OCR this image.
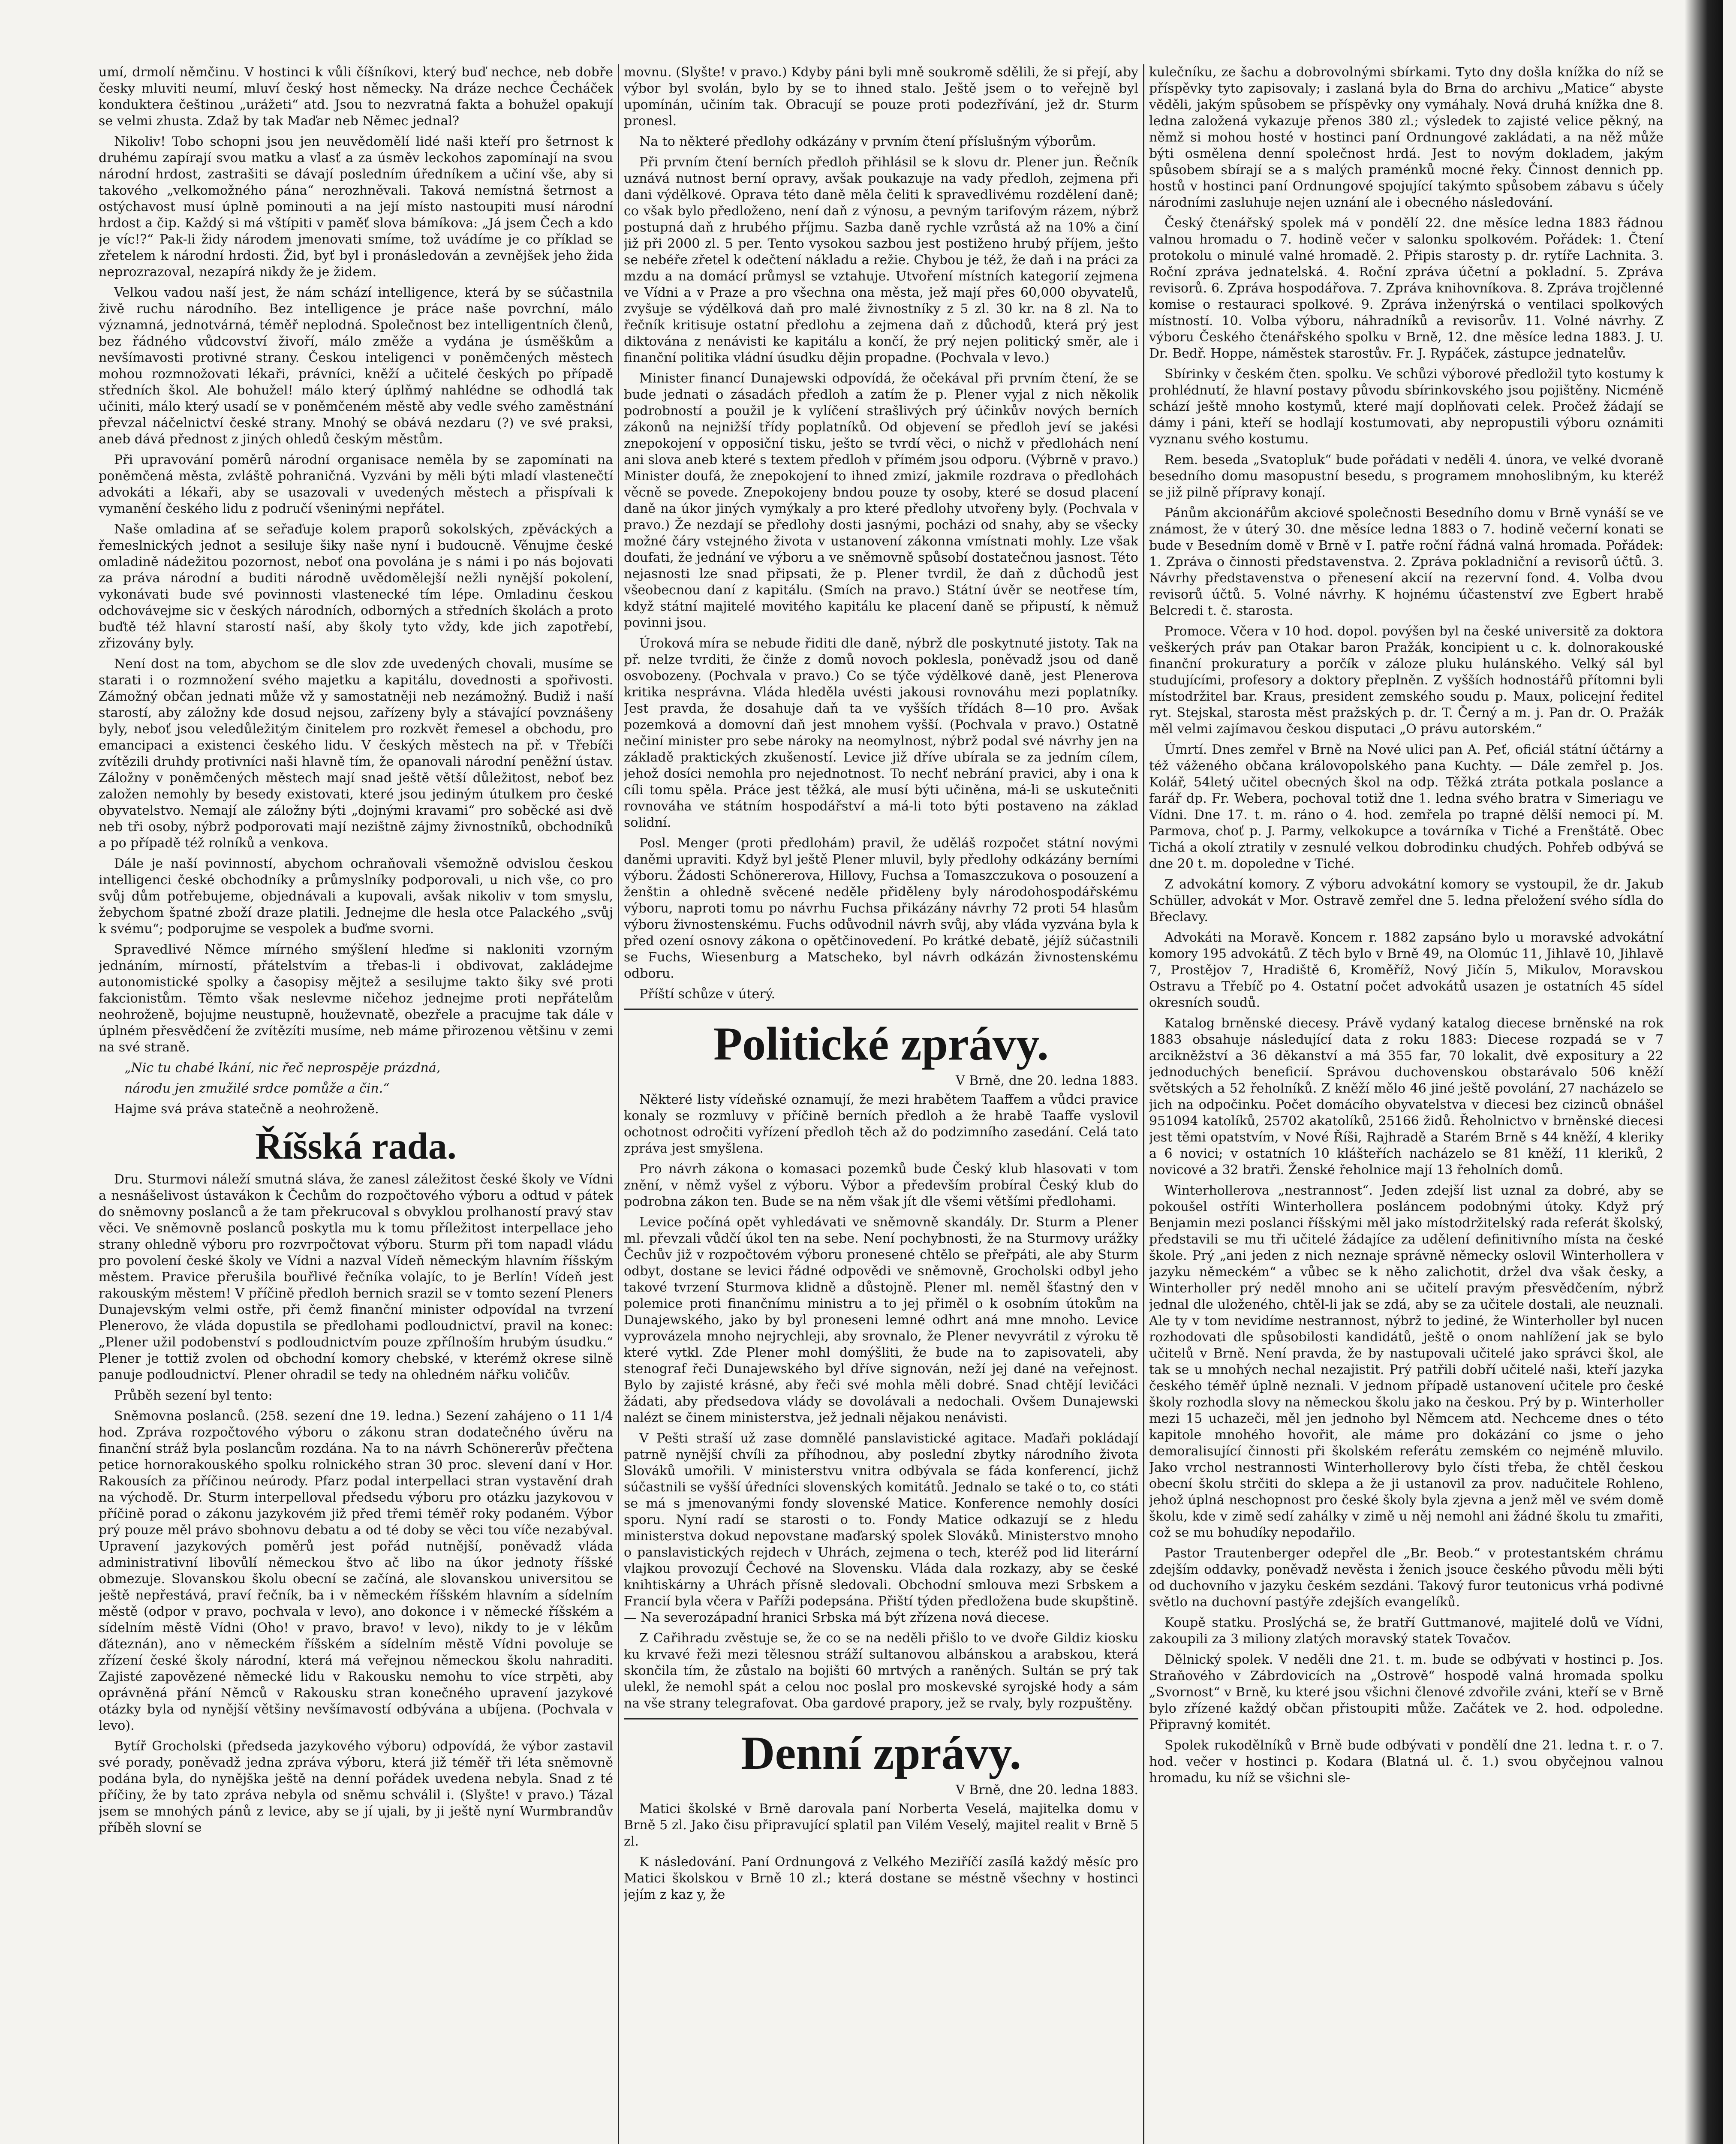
umí, drmolí němčinu. V hostinci k vůli číšníkovi, který buď nechce, neb dobře česky mluviti neumí, mluví český host německy. Na dráze nechce Čecháček konduktera češtinou „urážeti“ atd. Jsou to nezvratná fakta a bohužel opakují se velmi zhusta. Zdaž by tak Maďar neb Němec jednal?

Nikoliv! Tobo schopni jsou jen neuvědomělí lidé naši kteří pro šetrnost k druhému zapírají svou matku a vlasť a za úsměv leckohos zapomínají na svou národní hrdost, zastrašiti se dávají posledním úředníkem a učiní vše, aby si takového „velkomožného pána“ nerozhněvali. Taková nemístná šetrnost a ostýchavost musí úplně pominouti a na její místo nastoupiti musí národní hrdost a čip. Každý si má vštípiti v paměť slova bámíkova: „Já jsem Čech a kdo je víc!?“ Pak-li židy národem jmenovati smíme, tož uvádíme je co příklad se zřetelem k národní hrdosti. Žid, byť byl i pronásledován a zevnějšek jeho žida neprozrazoval, nezapírá nikdy že je židem.

Velkou vadou naší jest, že nám schází intelligence, která by se súčastnila živě ruchu národního. Bez intelligence je práce naše povrchní, málo významná, jednotvárná, téměř neplodná. Společnost bez intelligentních členů, bez řádného vůdcovství živoří, málo změže a vydána je úsměškům a nevšímavosti protivné strany. Českou inteligenci v poněmčených městech mohou rozmnožovati lékaři, právníci, kněží a učitelé českých po případě středních škol. Ale bohužel! málo který úplňmý nahlédne se odhodlá tak učiniti, málo který usadí se v poněmčeném městě aby vedle svého zaměstnání převzal náčelnictví české strany. Mnohý se obává nezdaru (?) ve své praksi, aneb dává přednost z jiných ohledů českým městům.

Při upravování poměrů národní organisace neměla by se zapomínati na poněmčená města, zvláště pohraničná. Vyzváni by měli býti mladí vlastenečtí advokáti a lékaři, aby se usazovali v uvedených městech a přispívali k vymanění českého lidu z područí všeninými nepřátel.

Naše omladina ať se seřaďuje kolem praporů sokolských, zpěváckých a řemeslnických jednot a sesiluje šiky naše nyní i budoucně. Věnujme české omladině nádežitou pozornost, neboť ona povolána je s námi i po nás bojovati za práva národní a buditi národně uvědomělejší nežli nynější pokolení, vykonávati bude své povinnosti vlastenecké tím lépe. Omladinu českou odchovávejme sic v českých národních, odborných a středních školách a proto buďtě též hlavní starostí naší, aby školy tyto vždy, kde jich zapotřebí, zřizovány byly.

Není dost na tom, abychom se dle slov zde uvedených chovali, musíme se starati i o rozmnožení svého majetku a kapitálu, dovednosti a spořivosti. Zámožný občan jednati může vž y samostatněji neb nezámožný. Budiž i naší starostí, aby záložny kde dosud nejsou, zařízeny byly a stávající povznášeny byly, neboť jsou veledůležitým činitelem pro rozkvět řemesel a obchodu, pro emancipaci a existenci českého lidu. V českých městech na př. v Třebíči zvítězili druhdy protivníci naši hlavně tím, že opanovali národní peněžní ústav. Záložny v poněmčených městech mají snad ještě větší důležitost, neboť bez založen nemohly by besedy existovati, které jsou jediným útulkem pro české obyvatelstvo. Nemají ale záložny býti „dojnými kravami“ pro soběcké asi dvě neb tři osoby, nýbrž podporovati mají nezištně zájmy živnostníků, obchodníků a po případě též rolníků a venkova.

Dále je naší povinností, abychom ochraňovali všemožně odvislou českou intelligenci české obchodníky a průmyslníky podporovali, u nich vše, co pro svůj dům potřebujeme, objednávali a kupovali, avšak nikoliv v tom smyslu, žebychom špatné zboží draze platili. Jednejme dle hesla otce Palackého „svůj k svému“; podporujme se vespolek a buďme svorni.

Spravedlivé Němce mírného smýšlení hleďme si nakloniti vzorným jednáním, mírností, přátelstvím a třebas-li i obdivovat, zakládejme autonomistické spolky a časopisy mějtež a sesilujme takto šiky své proti fakcionistům. Těmto však neslevme ničehoz jednejme proti nepřátelům neohroženě, bojujme neustupně, houževnatě, obezřele a pracujme tak dále v úplném přesvědčení že zvítězíti musíme, neb máme přirozenou většinu v zemi na své straně.

„Nic tu chabé lkání, nic řeč neprospěje prázdná,

národu jen zmužilé srdce pomůže a čin.“

Hajme svá práva statečně a neohroženě.

Říšská rada.

Dru. Sturmovi náleží smutná sláva, že zanesl záležitost české školy ve Vídni a nesnášelivost ústavákon k Čechům do rozpočtového výboru a odtud v pátek do sněmovny poslanců a že tam překrucoval s obvyklou prolhaností pravý stav věci. Ve sněmovně poslanců poskytla mu k tomu příležitost interpellace jeho strany ohledně výboru pro rozvrpočtovat výboru. Sturm při tom napadl vládu pro povolení české školy ve Vídni a nazval Vídeň německým hlavním říšským městem. Pravice přerušila bouřlivé řečníka volajíc, to je Berlín! Vídeň jest rakouským městem! V příčině předloh bernich srazil se v tomto sezení Pleners Dunajevským velmi ostře, při čemž finanční minister odpovídal na tvrzení Plenerovo, že vláda dopustila se předlohami podloudnictví, pravil na konec: „Plener užil podobenství s podloudnictvím pouze zpřílnoším hrubým úsudku.“ Plener je tottiž zvolen od obchodní komory chebské, v kterémž okrese silně panuje podloudnictví. Plener ohradil se tedy na ohledném nářku voličův.

Průběh sezení byl tento:

Sněmovna poslanců. (258. sezení dne 19. ledna.) Sezení zahájeno o 11 1/4 hod. Zpráva rozpočtového výboru o zákonu stran dodatečného úvěru na finanční stráž byla poslancům rozdána. Na to na návrh Schönererův přečtena petice hornorakouského spolku rolnického stran 30 proc. slevení daní v Hor. Rakousích za příčinou neúrody. Pfarz podal interpellaci stran vystavění drah na východě. Dr. Sturm interpelloval předsedu výboru pro otázku jazykovou v příčině porad o zákonu jazykovém již před třemi téměř roky podaném. Výbor prý pouze měl právo sbohnovu debatu a od té doby se věci tou víče nezabýval. Upravení jazykových poměrů jest pořád nutnější, poněvadž vláda administrativní libovůlí německou štvo ač libo na úkor jednoty říšské obmezuje. Slovanskou školu obecní se začíná, ale slovanskou universitou se ještě nepřestává, praví řečník, ba i v německém říšském hlavním a sídelním městě (odpor v pravo, pochvala v levo), ano dokonce i v německé říšském a sídelním městě Vídni (Oho! v pravo, bravo! v levo), nikdy to je v lékům ďáteznán), ano v německém říšském a sídelním městě Vídni povoluje se zřízení české školy národní, která má veřejnou německou školu nahraditi. Zajisté zapovězené německé lidu v Rakousku nemohu to více strpěti, aby oprávněná přání Němců v Rakousku stran konečného upravení jazykové otázky byla od nynější většiny nevšímavostí odbývána a ubíjena. (Pochvala v levo).

Bytíř Grocholski (předseda jazykového výboru) odpovídá, že výbor zastavil své porady, poněvadž jedna zpráva výboru, která již téměř tři léta sněmovně podána byla, do nynějška ještě na denní pořádek uvedena nebyla. Snad z té příčiny, že by tato zpráva nebyla od sněmu schválil i. (Slyšte! v pravo.) Tázal jsem se mnohých pánů z levice, aby se jí ujali, by ji ještě nyní Wurmbrandův příběh slovní se

movnu. (Slyšte! v pravo.) Kdyby páni byli mně soukromě sdělili, že si přejí, aby výbor byl svolán, bylo by se to ihned stalo. Ještě jsem o to veřejně byl upomínán, učiním tak. Obracují se pouze proti podezřívání, jež dr. Sturm pronesl.

Na to některé předlohy odkázány v prvním čtení příslušným výborům.

Při prvním čtení berních předloh přihlásil se k slovu dr. Plener jun. Řečník uznává nutnost berní opravy, avšak poukazuje na vady předloh, zejmena při dani výdělkové. Oprava této daně měla čeliti k spravedlivému rozdělení daně; co však bylo předloženo, není daň z výnosu, a pevným tarifovým rázem, nýbrž postupná daň z hrubého příjmu. Sazba daně rychle vzrůstá až na 10% a činí již při 2000 zl. 5 per. Tento vysokou sazbou jest postiženo hrubý příjem, ješto se nebéře zřetel k odečtení nákladu a režie. Chybou je též, že daň i na práci za mzdu a na domácí průmysl se vztahuje. Utvoření místních kategorií zejmena ve Vídni a v Praze a pro všechna ona města, jež mají přes 60,000 obyvatelů, zvyšuje se výdělková daň pro malé živnostníky z 5 zl. 30 kr. na 8 zl. Na to řečník kritisuje ostatní předlohu a zejmena daň z důchodů, která prý jest diktována z nenávisti ke kapitálu a končí, že prý nejen politický směr, ale i finanční politika vládní úsudku dějin propadne. (Pochvala v levo.)

Minister financí Dunajewski odpovídá, že očekával při prvním čtení, že se bude jednati o zásadách předloh a zatím že p. Plener vyjal z nich několik podrobností a použil je k vylíčení strašlivých prý účinkův nových berních zákonů na nejnižší třídy poplatníků. Od objevení se předloh jeví se jakési znepokojení v opposiční tisku, ješto se tvrdí věci, o nichž v předlohách není ani slova aneb které s textem předloh v přímém jsou odporu. (Výbrně v pravo.) Minister doufá, že znepokojení to ihned zmizí, jakmile rozdrava o předlohách věcně se povede. Znepokojeny bndou pouze ty osoby, které se dosud placení daně na úkor jiných vymýkaly a pro které předlohy utvořeny byly. (Pochvala v pravo.) Že nezdají se předlohy dosti jasnými, pocházi od snahy, aby se všecky možné čáry vstejného života v ustanovení zákonna vmístnati mohly. Lze však doufati, že jednání ve výboru a ve sněmovně spůsobí dostatečnou jasnost. Této nejasnosti lze snad připsati, že p. Plener tvrdil, že daň z důchodů jest všeobecnou daní z kapitálu. (Smích na pravo.) Státní úvěr se neotřese tím, když státní majitelé movitého kapitálu ke placení daně se připustí, k němuž povinni jsou.

Úroková míra se nebude řiditi dle daně, nýbrž dle poskytnuté jistoty. Tak na př. nelze tvrditi, že činže z domů novoch poklesla, poněvadž jsou od daně osvobozeny. (Pochvala v pravo.) Co se týče výdělkové daně, jest Plenerova kritika nesprávna. Vláda hleděla uvésti jakousi rovnováhu mezi poplatníky. Jest pravda, že dosahuje daň ta ve vyšších třídách 8—10 pro. Avšak pozemková a domovní daň jest mnohem vyšší. (Pochvala v pravo.) Ostatně nečiní minister pro sebe nároky na neomylnost, nýbrž podal své návrhy jen na základě praktických zkušeností. Levice již dříve ubírala se za jedním cílem, jehož dosíci nemohla pro nejednotnost. To nechť nebrání pravici, aby i ona k cíli tomu spěla. Práce jest těžká, ale musí býti učiněna, má-li se uskutečniti rovnováha ve státním hospodářství a má-li toto býti postaveno na základ solidní.

Posl. Menger (proti předlohám) pravil, že uděláš rozpočet státní novými daněmi upraviti. Když byl ještě Plener mluvil, byly předlohy odkázány berními výboru. Žádosti Schönererova, Hillovy, Fuchsa a Tomaszczukova o posouzení a ženštin a ohledně svěcené neděle přiděleny byly národohospodářskému výboru, naproti tomu po návrhu Fuchsa přikázány návrhy 72 proti 54 hlasům výboru živnostenskému. Fuchs odůvodnil návrh svůj, aby vláda vyzvána byla k před ození osnovy zákona o opětčinovedení. Po krátké debatě, jéjíž súčastnili se Fuchs, Wiesenburg a Matscheko, byl návrh odkázán živnostenskému odboru.

Příští schůze v úterý.

Politické zprávy.
V Brně, dne 20. ledna 1883.

Některé listy vídeňské oznamují, že mezi hrabětem Taaffem a vůdci pravice konaly se rozmluvy v příčině berních předloh a že hrabě Taaffe vyslovil ochotnost odročiti vyřízení předloh těch až do podzimního zasedání. Celá tato zpráva jest smyšlena.

Pro návrh zákona o komasaci pozemků bude Český klub hlasovati v tom znění, v němž vyšel z výboru. Výbor a především probíral Český klub do podrobna zákon ten. Bude se na něm však jít dle všemi většími předlohami.

Levice počíná opět vyhledávati ve sněmovně skandály. Dr. Sturm a Plener ml. převzali vůdčí úkol ten na sebe. Není pochybnosti, že na Sturmovy urážky Čechův již v rozpočtovém výboru pronesené chtělo se přeřpáti, ale aby Sturm odbyt, dostane se levici řádné odpovědi ve sněmovně, Grocholski odbyl jeho takové tvrzení Sturmova klidně a důstojně. Plener ml. neměl šťastný den v polemice proti finančnímu ministru a to jej přiměl o k osobním útokům na Dunajewského, jako by byl proneseni lemné odhrt aná mne mnoho. Levice vyprovázela mnoho nejrychleji, aby srovnalo, že Plener nevyvrátil z výroku tě které vytkl. Zde Plener mohl domýšliti, že bude na to zapisovateli, aby stenograf řeči Dunajewského byl dříve signován, neží jej dané na veřejnost. Bylo by zajisté krásné, aby řeči své mohla měli dobré. Snad chtějí levičáci žádati, aby předsedova vlády se dovolávali a nedochali. Ovšem Dunajewski nalézt se činem ministerstva, jež jednali nějakou nenávisti.

V Pešti straší už zase domnělé panslavistické agitace. Maďaři pokládají patrně nynější chvíli za příhodnou, aby poslední zbytky národního života Slováků umořili. V ministerstvu vnitra odbývala se fáda konferencí, jichž súčastnili se vyšší úředníci slovenských komitátů. Jednalo se také o to, co státi se má s jmenovanými fondy slovenské Matice. Konference nemohly dosíci sporu. Nyní radí se starosti o to. Fondy Matice odkazují se z hledu ministerstva dokud nepovstane maďarský spolek Slováků. Ministerstvo mnoho o panslavistických rejdech v Uhrách, zejmena o tech, kteréž pod lid literární vlajkou provozují Čechové na Slovensku. Vláda dala rozkazy, aby se české knihtiskárny a Uhrách přísně sledovali. Obchodní smlouva mezi Srbskem a Francií byla včera v Paříži podepsána. Přiští týden předložena bude skupštině. — Na severozápadní hranici Srbska má být zřízena nová diecese.

Z Cařihradu zvěstuje se, že co se na neděli přišlo to ve dvoře Gildiz kiosku ku krvavé řeži mezi tělesnou stráží sultanovou albánskou a arabskou, která skončila tím, že zůstalo na bojišti 60 mrtvých a raněných. Sultán se prý tak ulekl, že nemohl spát a celou noc poslal pro moskevské syrojské hody a sám na vše strany telegrafovat. Oba gardové prapory, jež se rvaly, byly rozpuštěny.

Denní zprávy.
V Brně, dne 20. ledna 1883.

Matici školské v Brně darovala paní Norberta Veselá, majitelka domu v Brně 5 zl. Jako čisu připravující splatil pan Vilém Veselý, majitel realit v Brně 5 zl.

K následování. Paní Ordnungová z Velkého Meziříčí zasílá každý měsíc pro Matici školskou v Brně 10 zl.; která dostane se méstně všechny v hostinci jejím z kaz y, že

kulečníku, ze šachu a dobrovolnými sbírkami. Tyto dny došla knížka do níž se příspěvky tyto zapisovaly; i zaslaná byla do Brna do archivu „Matice“ abyste věděli, jakým spůsobem se příspěvky ony vymáhaly. Nová druhá knížka dne 8. ledna založená vykazuje přenos 380 zl.; výsledek to zajisté velice pěkný, na němž si mohou hosté v hostinci paní Ordnungové zakládati, a na něž může býti osmělena denní společnost hrdá. Jest to novým dokladem, jakým spůsobem sbírají se a s malých praménků mocné řeky. Činnost dennich pp. hostů v hostinci paní Ordnungové spojující takýmto spůsobem zábavu s účely národními zasluhuje nejen uznání ale i obecného následování.

Český čtenářský spolek má v pondělí 22. dne měsíce ledna 1883 řádnou valnou hromadu o 7. hodině večer v salonku spolkovém. Pořádek: 1. Čtení protokolu o minulé valné hromadě. 2. Připis starosty p. dr. rytíře Lachnita. 3. Roční zpráva jednatelská. 4. Roční zpráva účetní a pokladní. 5. Zpráva revisorů. 6. Zpráva hospodářova. 7. Zpráva knihovníkova. 8. Zpráva trojčlenné komise o restauraci spolkové. 9. Zpráva inženýrská o ventilaci spolkových místností. 10. Volba výboru, náhradníků a revisorův. 11. Volné návrhy. Z výboru Českého čtenářského spolku v Brně, 12. dne měsíce ledna 1883. J. U. Dr. Bedř. Hoppe, náměstek starostův. Fr. J. Rypáček, zástupce jednatelův.

Sbírinky v českém čten. spolku. Ve schůzi výborové předložil tyto kostumy k prohlédnutí, že hlavní postavy původu sbírinkovského jsou pojištěny. Nicméně schází ještě mnoho kostymů, které mají doplňovati celek. Pročež žádají se dámy i páni, kteří se hodlají kostumovati, aby nepropustili výboru oznámiti vyznanu svého kostumu.

Rem. beseda „Svatopluk“ bude pořádati v neděli 4. února, ve velké dvoraně besedního domu masopustní besedu, s programem mnohoslibným, ku kteréž se již pilně přípravy konají.

Pánům akcionářům akciové společnosti Besedního domu v Brně vynáší se ve známost, že v úterý 30. dne měsíce ledna 1883 o 7. hodině večerní konati se bude v Besedním domě v Brně v I. patře roční řádná valná hromada. Pořádek: 1. Zpráva o činnosti představenstva. 2. Zpráva pokladniční a revisorů účtů. 3. Návrhy představenstva o přenesení akcií na rezervní fond. 4. Volba dvou revisorů účtů. 5. Volné návrhy. K hojnému účastenství zve Egbert hrabě Belcredi t. č. starosta.

Promoce. Včera v 10 hod. dopol. povýšen byl na české universitě za doktora veškerých práv pan Otakar baron Pražák, koncipient u c. k. dolnorakouské finanční prokuratury a porčík v záloze pluku hulánského. Velký sál byl studujícími, profesory a doktory přeplněn. Z vyšších hodnostářů přítomni byli místodržitel bar. Kraus, president zemského soudu p. Maux, policejní ředitel ryt. Stejskal, starosta měst pražských p. dr. T. Černý a m. j. Pan dr. O. Pražák měl velmi zajímavou českou disputaci „O právu autorském.“

Úmrtí. Dnes zemřel v Brně na Nové ulici pan A. Peť, oficiál státní účtárny a též váženého občana královopolského pana Kuchty. — Dále zemřel p. Jos. Kolář, 54letý učitel obecných škol na odp. Těžká ztráta potkala poslance a farář dp. Fr. Webera, pochoval totiž dne 1. ledna svého bratra v Simeriagu ve Vídni. Dne 17. t. m. ráno o 4. hod. zemřela po trapné dělší nemoci pí. M. Parmova, choť p. J. Parmy, velkokupce a továrníka v Tiché a Frenštátě. Obec Tichá a okolí ztratily v zesnulé velkou dobrodinku chudých. Pohřeb odbývá se dne 20 t. m. dopoledne v Tiché.

Z advokátní komory. Z výboru advokátní komory se vystoupil, že dr. Jakub Schüller, advokát v Mor. Ostravě zemřel dne 5. ledna přeložení svého sídla do Břeclavy.

Advokáti na Moravě. Koncem r. 1882 zapsáno bylo u moravské advokátní komory 195 advokátů. Z těch bylo v Brně 49, na Olomúc 11, Jihlavě 10, Jihlavě 7, Prostějov 7, Hradiště 6, Kroměříž, Nový Jičín 5, Mikulov, Moravskou Ostravu a Třebíč po 4. Ostatní počet advokátů usazen je ostatních 45 sídel okresních soudů.

Katalog brněnské diecesy. Právě vydaný katalog diecese brněnské na rok 1883 obsahuje následující data z roku 1883: Diecese rozpadá se v 7 arcikněžství a 36 děkanství a má 355 far, 70 lokalit, dvě expositury a 22 jednoduchých beneficií. Správou duchovenskou obstarávalo 506 kněží světských a 52 řeholníků. Z kněží mělo 46 jiné ještě povolání, 27 nacházelo se jich na odpočinku. Počet domácího obyvatelstva v diecesi bez cizinců obnášel 951094 katolíků, 25702 akatolíků, 25166 židů. Řeholnictvo v brněnské diecesi jest těmi opatstvím, v Nové Říši, Rajhradě a Starém Brně s 44 kněží, 4 kleriky a 6 novici; v ostatních 10 klášteřích nacházelo se 81 kněží, 11 kleriků, 2 novicové a 32 bratři. Ženské řeholnice mají 13 řeholních domů.

Winterhollerova „nestrannost“. Jeden zdejší list uznal za dobré, aby se pokoušel ostříti Winterhollera posláncem podobnými útoky. Když prý Benjamin mezi poslanci říšskými měl jako místodržitelský rada referát školský, představili se mu tři učitelé žádajíce za udělení definitivního místa na české škole. Prý „ani jeden z nich neznaje správně německy oslovil Winterhollera v jazyku německém“ a vůbec se k něho zalichotit, držel dva však česky, a Winterholler prý neděl mnoho ani se učitelí pravým přesvědčením, nýbrž jednal dle uloženého, chtěl-li jak se zdá, aby se za učitele dostali, ale neuznali. Ale ty v tom nevidíme nestrannost, nýbrž to jediné, že Winterholler byl nucen rozhodovati dle spůsobilosti kandidátů, ještě o onom nahlížení jak se bylo učitelů v Brně. Není pravda, že by nastupovali učitelé jako správci škol, ale tak se u mnohých nechal nezajistit. Prý patřili dobří učitelé naši, kteří jazyka českého téměř úplně neznali. V jednom případě ustanovení učitele pro české školy rozhodla slovy na německou školu jako na českou. Prý by p. Winterholler mezi 15 uchazeči, měl jen jednoho byl Němcem atd. Nechceme dnes o této kapitole mnohého hovořit, ale máme pro dokázání co jsme o jeho demoralisující činnosti při školském referátu zemském co nejméně mluvilo. Jako vrchol nestrannosti Winterhollerovy bylo čísti třeba, že chtěl českou obecní školu strčiti do sklepa a že ji ustanovil za prov. nadučitele Rohleno, jehož úplná neschopnost pro české školy byla zjevna a jenž měl ve svém domě školu, kde v zimě sedí zahálky v zimě u něj nemohl ani žádné školu tu zmařiti, což se mu bohudíky nepodařilo.

Pastor Trautenberger odepřel dle „Br. Beob.“ v protestantském chrámu zdejším oddavky, poněvadž nevěsta i ženich jsouce českého původu měli býti od duchovního v jazyku českém sezdáni. Takový furor teutonicus vrhá podivné světlo na duchovní pastýře zdejších evangelíků.

Koupě statku. Proslýchá se, že bratří Guttmanové, majitelé dolů ve Vídni, zakoupili za 3 miliony zlatých moravský statek Tovačov.

Dělnický spolek. V neděli dne 21. t. m. bude se odbývati v hostinci p. Jos. Straňového v Zábrdovicích na „Ostrově“ hospodě valná hromada spolku „Svornost“ v Brně, ku které jsou všichni členové zdvořile zváni, kteří se v Brně bylo zřízené každý občan přistoupiti může. Začátek ve 2. hod. odpoledne. Připravný komitét.

Spolek rukodělníků v Brně bude odbývati v pondělí dne 21. ledna t. r. o 7. hod. večer v hostinci p. Kodara (Blatná ul. č. 1.) svou obyčejnou valnou hromadu, ku níž se všichni sle-
